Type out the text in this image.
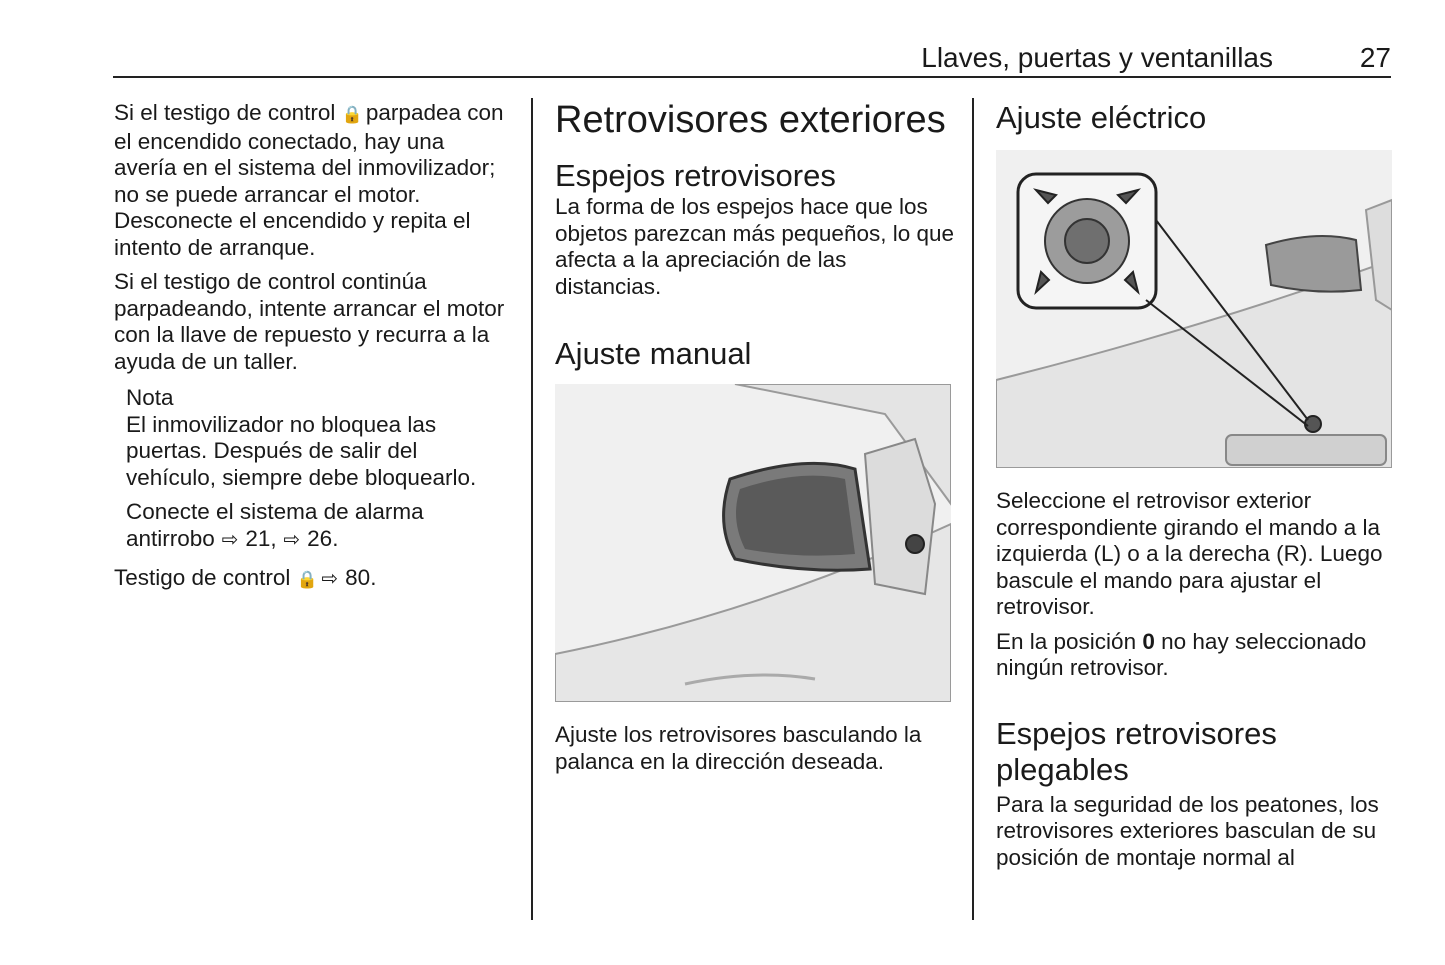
Llaves, puertas y ventanillas	27

Si el testigo de control 🔒 parpadea con el encendido conectado, hay una avería en el sistema del inmovilizador; no se puede arrancar el motor. Desconecte el encendido y repita el intento de arranque.

Si el testigo de control continúa parpadeando, intente arrancar el motor con la llave de repuesto y recurra a la ayuda de un taller.

Nota

El inmovilizador no bloquea las puertas. Después de salir del vehículo, siempre debe bloquearlo.

Conecte el sistema de alarma antirrobo ⇨ 21, ⇨ 26.

Testigo de control 🔒 ⇨ 80.

Retrovisores exteriores
Espejos retrovisores

La forma de los espejos hace que los objetos parezcan más pequeños, lo que afecta a la apreciación de las distancias.

Ajuste manual

Ajuste los retrovisores basculando la palanca en la dirección deseada.

Ajuste eléctrico

Seleccione el retrovisor exterior correspondiente girando el mando a la izquierda (L) o a la derecha (R). Luego bascule el mando para ajustar el retrovisor.

En la posición 0 no hay seleccionado ningún retrovisor.

Espejos retrovisores plegables

Para la seguridad de los peatones, los retrovisores exteriores basculan de su posición de montaje normal al
